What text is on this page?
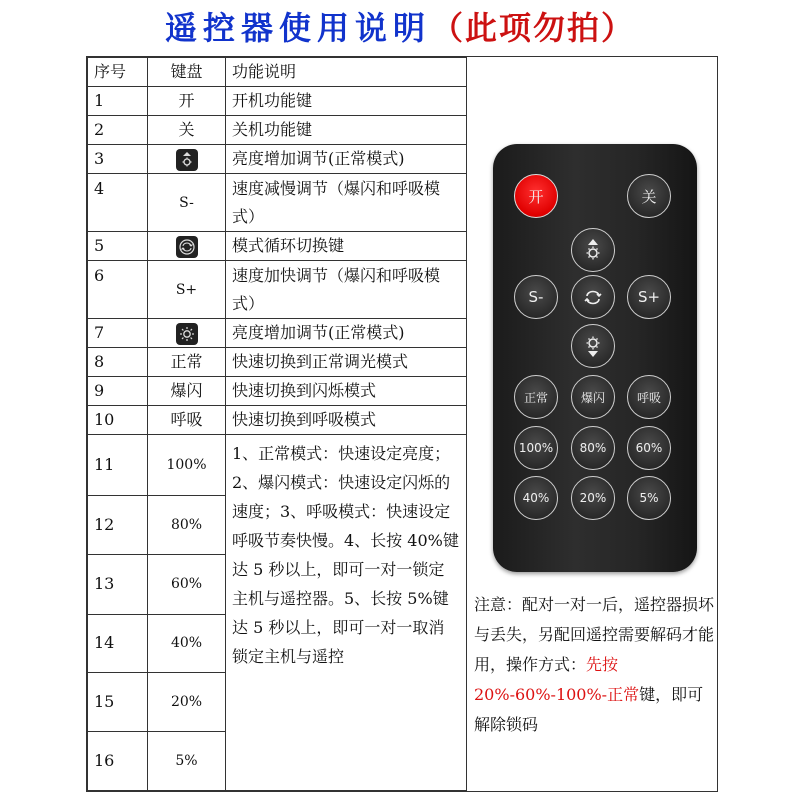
遥控器使用说明 （此项勿拍）
序号	键盘	功能说明
1	开	开机功能键
2	关	关机功能键
3		亮度增加调节(正常模式)
4	S-	速度减慢调节（爆闪和呼吸模式）
5		模式循环切换键
6	S+	速度加快调节（爆闪和呼吸模式）
7		亮度增加调节(正常模式)
8	正常	快速切换到正常调光模式
9	爆闪	快速切换到闪烁模式
10	呼吸	快速切换到呼吸模式
11	100%	1、正常模式：快速设定亮度；2、爆闪模式：快速设定闪烁的速度；3、呼吸模式：快速设定呼吸节奏快慢。4、长按 40%键达 5 秒以上，即可一对一锁定主机与遥控器。5、长按 5%键达 5 秒以上，即可一对一取消锁定主机与遥控
12	80%	
13	60%	
14	40%	
15	20%	
16	5%	
开	关
S-	S+
正常	爆闪	呼吸
100%	80%	60%
40%	20%	5%
注意：配对一对一后，遥控器损坏与丢失，另配回遥控需要解码才能用，操作方式：先按 20%-60%-100%-正常键，即可解除锁码
